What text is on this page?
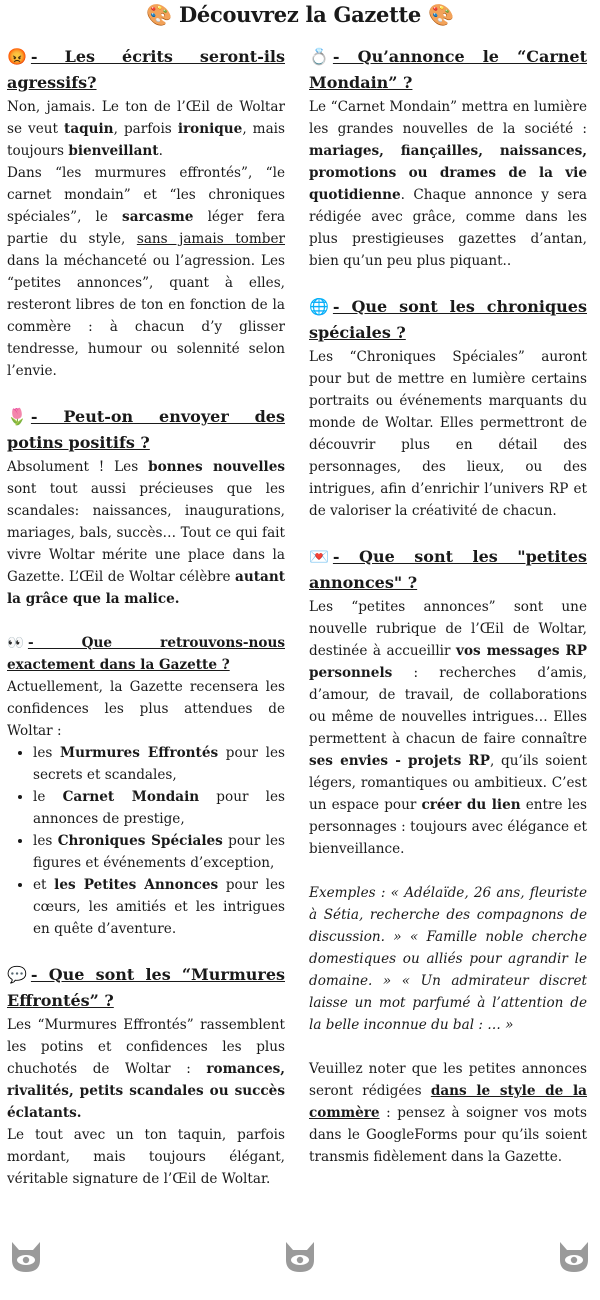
🎨 Découvrez la Gazette 🎨
😡 - Les écrits seront-ils agressifs?

Non, jamais. Le ton de l’Œil de Woltar se veut taquin, parfois ironique, mais toujours bienveillant.

Dans “les murmures effrontés”, “le carnet mondain” et “les chroniques spéciales”, le sarcasme léger fera partie du style, sans jamais tomber dans la méchanceté ou l’agression. Les “petites annonces”, quant à elles, resteront libres de ton en fonction de la commère : à chacun d’y glisser tendresse, humour ou solennité selon l’envie.

🌷 - Peut-on envoyer des potins positifs ?

Absolument ! Les bonnes nouvelles sont tout aussi précieuses que les scandales: naissances, inaugurations, mariages, bals, succès… Tout ce qui fait vivre Woltar mérite une place dans la Gazette. L’Œil de Woltar célèbre autant la grâce que la malice.

👀 - Que retrouvons-nous exactement dans la Gazette ?

Actuellement, la Gazette recensera les confidences les plus attendues de Woltar :

• les Murmures Effrontés pour les secrets et scandales,
• le Carnet Mondain pour les annonces de prestige,
• les Chroniques Spéciales pour les figures et événements d’exception,
• et les Petites Annonces pour les cœurs, les amitiés et les intrigues en quête d’aventure.
💬 - Que sont les “Murmures Effrontés” ?

Les “Murmures Effrontés” rassemblent les potins et confidences les plus chuchotés de Woltar : romances, rivalités, petits scandales ou succès éclatants.

Le tout avec un ton taquin, parfois mordant, mais toujours élégant, véritable signature de l’Œil de Woltar.

💍 - Qu’annonce le “Carnet Mondain” ?

Le “Carnet Mondain” mettra en lumière les grandes nouvelles de la société : mariages, fiançailles, naissances, promotions ou drames de la vie quotidienne. Chaque annonce y sera rédigée avec grâce, comme dans les plus prestigieuses gazettes d’antan, bien qu’un peu plus piquant..

🌐 - Que sont les chroniques spéciales ?

Les “Chroniques Spéciales” auront pour but de mettre en lumière certains portraits ou événements marquants du monde de Woltar. Elles permettront de découvrir plus en détail des personnages, des lieux, ou des intrigues, afin d’enrichir l’univers RP et de valoriser la créativité de chacun.

💌 - Que sont les "petites annonces" ?

Les “petites annonces” sont une nouvelle rubrique de l’Œil de Woltar, destinée à accueillir vos messages RP personnels : recherches d’amis, d’amour, de travail, de collaborations ou même de nouvelles intrigues… Elles permettent à chacun de faire connaître ses envies - projets RP, qu’ils soient légers, romantiques ou ambitieux. C’est un espace pour créer du lien entre les personnages : toujours avec élégance et bienveillance.

Exemples : « Adélaïde, 26 ans, fleuriste à Sétia, recherche des compagnons de discussion. » « Famille noble cherche domestiques ou alliés pour agrandir le domaine. » « Un admirateur discret laisse un mot parfumé à l’attention de la belle inconnue du bal : … »

Veuillez noter que les petites annonces seront rédigées dans le style de la commère : pensez à soigner vos mots dans le GoogleForms pour qu’ils soient transmis fidèlement dans la Gazette.
